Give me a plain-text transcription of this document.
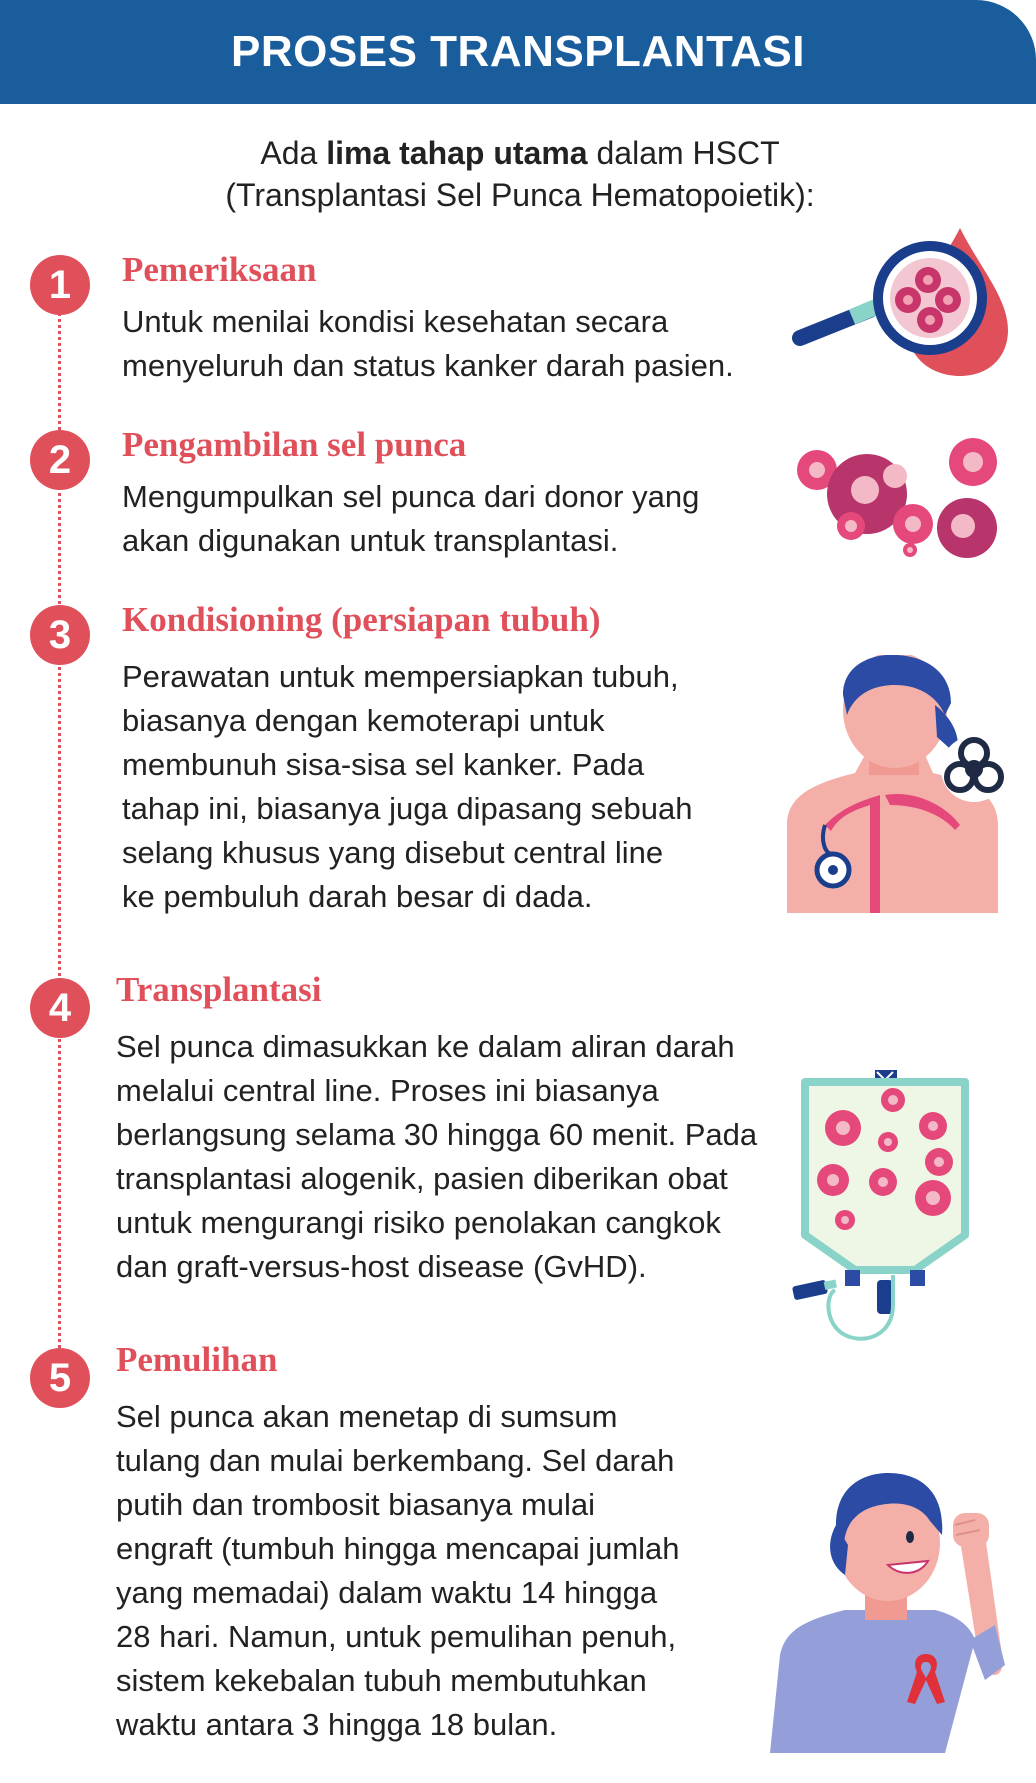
PROSES TRANSPLANTASI
Ada lima tahap utama dalam HSCT
(Transplantasi Sel Punca Hematopoietik):
1	Pemeriksaan
Untuk menilai kondisi kesehatan secara
menyeluruh dan status kanker darah pasien.
2	Pengambilan sel punca
Mengumpulkan sel punca dari donor yang
akan digunakan untuk transplantasi.
3	Kondisioning (persiapan tubuh)
Perawatan untuk mempersiapkan tubuh,
biasanya dengan kemoterapi untuk
membunuh sisa-sisa sel kanker. Pada
tahap ini, biasanya juga dipasang sebuah
selang khusus yang disebut central line
ke pembuluh darah besar di dada.
4	Transplantasi
Sel punca dimasukkan ke dalam aliran darah
melalui central line. Proses ini biasanya
berlangsung selama 30 hingga 60 menit. Pada
transplantasi alogenik, pasien diberikan obat
untuk mengurangi risiko penolakan cangkok
dan graft-versus-host disease (GvHD).
5	Pemulihan
Sel punca akan menetap di sumsum
tulang dan mulai berkembang. Sel darah
putih dan trombosit biasanya mulai
engraft (tumbuh hingga mencapai jumlah
yang memadai) dalam waktu 14 hingga
28 hari. Namun, untuk pemulihan penuh,
sistem kekebalan tubuh membutuhkan
waktu antara 3 hingga 18 bulan.
